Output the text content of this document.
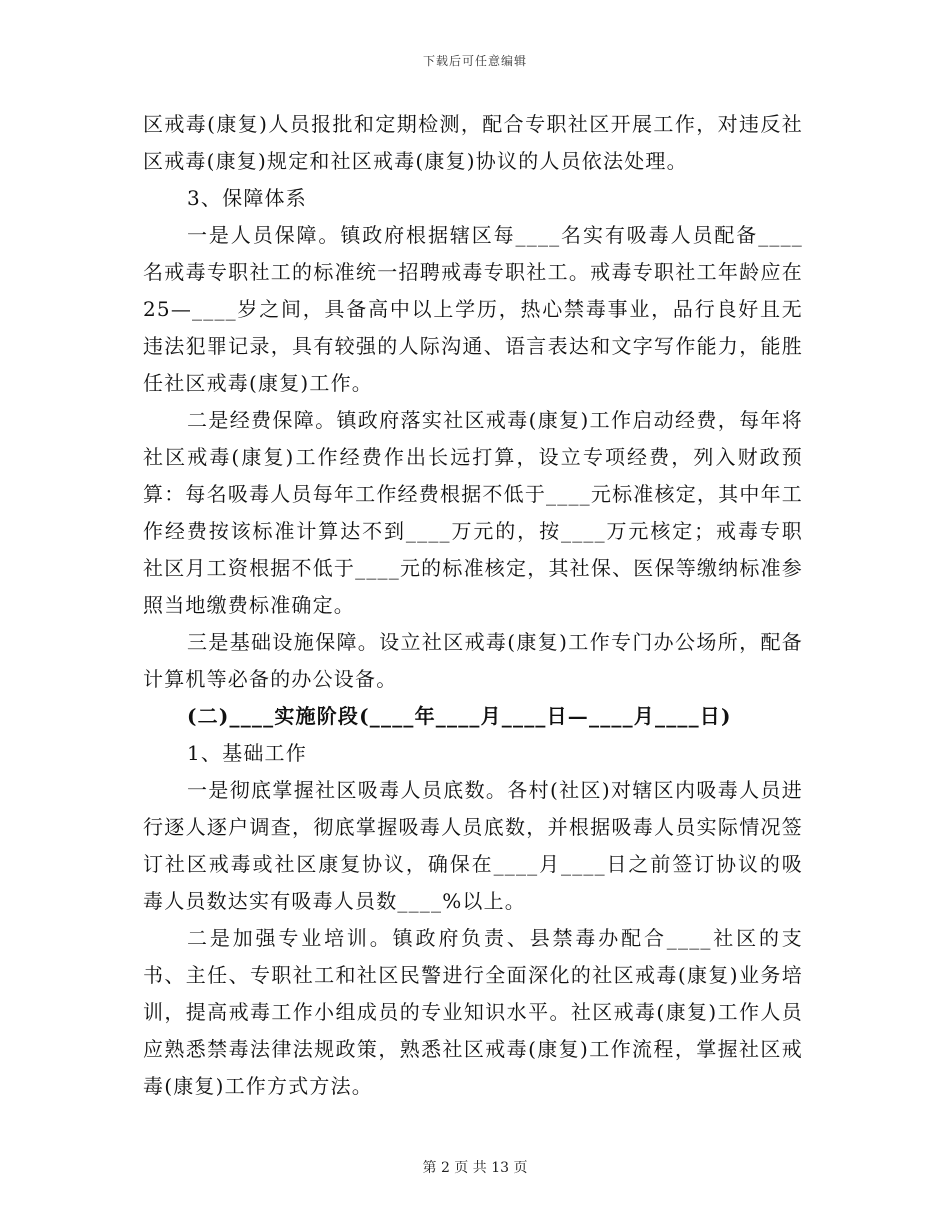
下载后可任意编辑

区戒毒(康复)人员报批和定期检测，配合专职社区开展工作，对违反社区戒毒(康复)规定和社区戒毒(康复)协议的人员依法处理。

3、保障体系

一是人员保障。镇政府根据辖区每____名实有吸毒人员配备____名戒毒专职社工的标准统一招聘戒毒专职社工。戒毒专职社工年龄应在25—____岁之间，具备高中以上学历，热心禁毒事业，品行良好且无违法犯罪记录，具有较强的人际沟通、语言表达和文字写作能力，能胜任社区戒毒(康复)工作。

二是经费保障。镇政府落实社区戒毒(康复)工作启动经费，每年将社区戒毒(康复)工作经费作出长远打算，设立专项经费，列入财政预算：每名吸毒人员每年工作经费根据不低于____元标准核定，其中年工作经费按该标准计算达不到____万元的，按____万元核定；戒毒专职社区月工资根据不低于____元的标准核定，其社保、医保等缴纳标准参照当地缴费标准确定。

三是基础设施保障。设立社区戒毒(康复)工作专门办公场所，配备计算机等必备的办公设备。

(二)____实施阶段(____年____月____日—____月____日)

1、基础工作

一是彻底掌握社区吸毒人员底数。各村(社区)对辖区内吸毒人员进行逐人逐户调查，彻底掌握吸毒人员底数，并根据吸毒人员实际情况签订社区戒毒或社区康复协议，确保在____月____日之前签订协议的吸毒人员数达实有吸毒人员数____%以上。

二是加强专业培训。镇政府负责、县禁毒办配合____社区的支书、主任、专职社工和社区民警进行全面深化的社区戒毒(康复)业务培训，提高戒毒工作小组成员的专业知识水平。社区戒毒(康复)工作人员应熟悉禁毒法律法规政策，熟悉社区戒毒(康复)工作流程，掌握社区戒毒(康复)工作方式方法。

第 2 页 共 13 页
